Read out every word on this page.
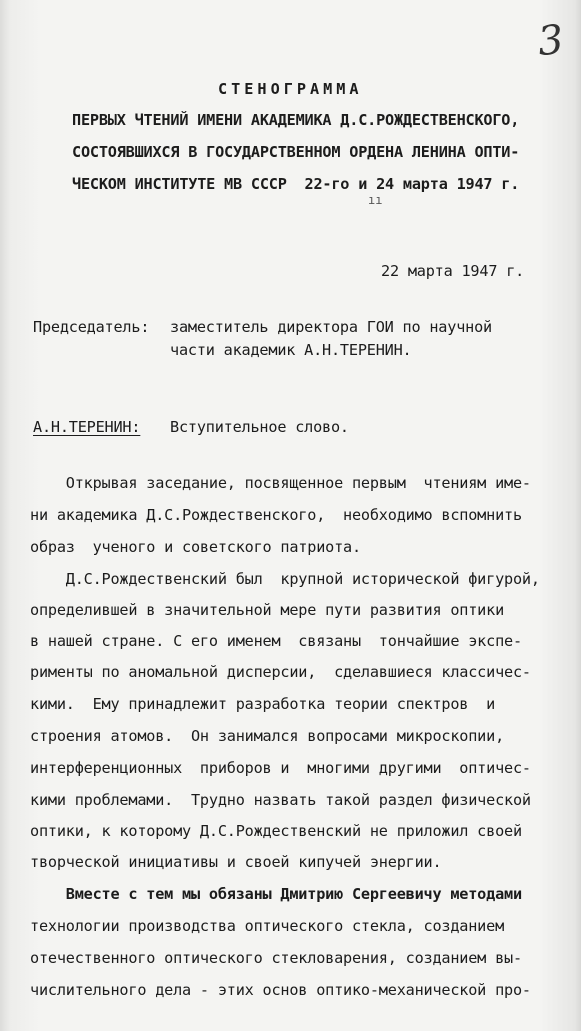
3
СТЕНОГРАММА
ПЕРВЫХ ЧТЕНИЙ ИМЕНИ АКАДЕМИКА Д.С.РОЖДЕСТВЕНСКОГО,
СОСТОЯВШИХСЯ В ГОСУДАРСТВЕННОМ ОРДЕНА ЛЕНИНА ОПТИ-
ЧЕСКОМ ИНСТИТУТЕ МВ СССР  22-го и 24 марта 1947 г.
ıı
22 марта 1947 г.
Председатель: заместитель директора ГОИ по научной
части академик А.Н.ТЕРЕНИН.
А.Н.ТЕРЕНИН: Вступительное слово.
Открывая заседание, посвященное первым  чтениям име-
ни академика Д.С.Рождественского,  необходимо вспомнить
образ  ученого и советского патриота.
Д.С.Рождественский был  крупной исторической фигурой,
определившей в значительной мере пути развития оптики
в нашей стране. С его именем  связаны  тончайшие экспе-
рименты по аномальной дисперсии,  сделавшиеся классичес-
кими.  Ему принадлежит разработка теории спектров  и
строения атомов.  Он занимался вопросами микроскопии,
интерференционных  приборов и  многими другими  оптичес-
кими проблемами.  Трудно назвать такой раздел физической
оптики, к которому Д.С.Рождественский не приложил своей
творческой инициативы и своей кипучей энергии.
Вместе с тем мы обязаны Дмитрию Сергеевичу методами
технологии производства оптического стекла, созданием
отечественного оптического стекловарения, созданием вы-
числительного дела - этих основ оптико-механической про-
